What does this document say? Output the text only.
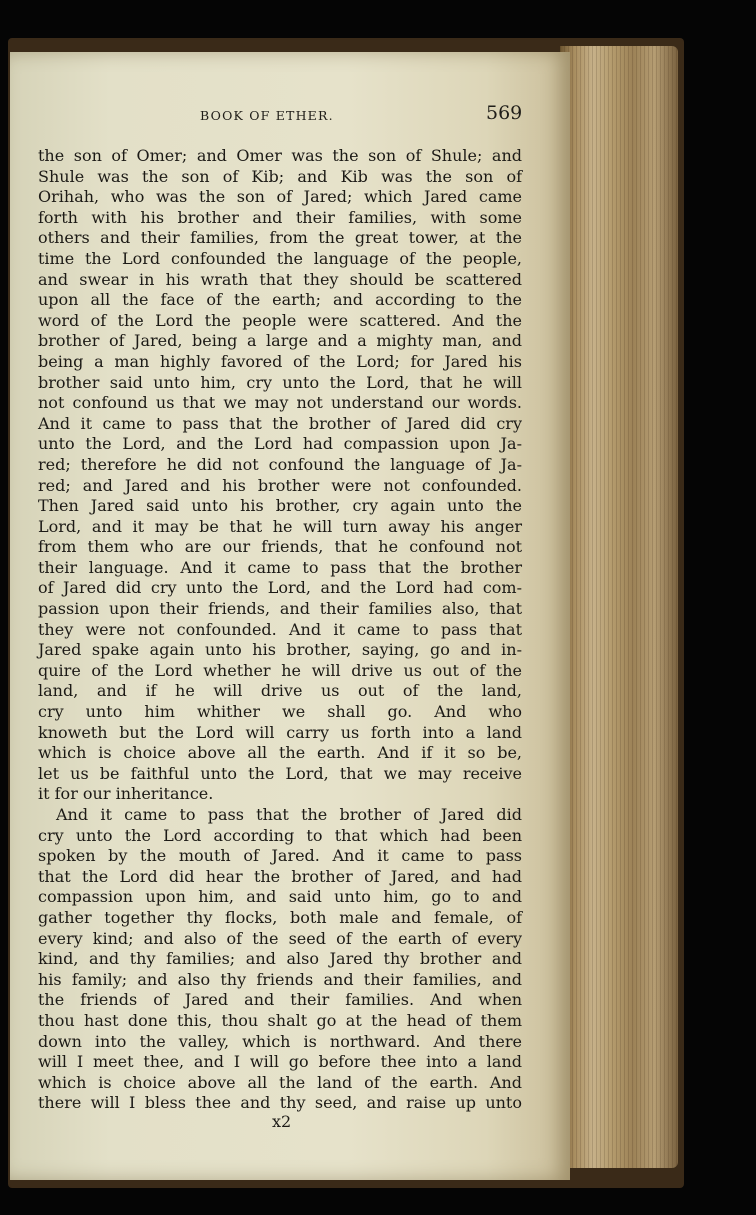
BOOK OF ETHER.	569
the son of Omer; and Omer was the son of Shule; and
Shule was the son of Kib; and Kib was the son of
Orihah, who was the son of Jared; which Jared came
forth with his brother and their families, with some
others and their families, from the great tower, at the
time the Lord confounded the language of the people,
and swear in his wrath that they should be scattered
upon all the face of the earth; and according to the
word of the Lord the people were scattered. And the
brother of Jared, being a large and a mighty man, and
being a man highly favored of the Lord; for Jared his
brother said unto him, cry unto the Lord, that he will
not confound us that we may not understand our words.
And it came to pass that the brother of Jared did cry
unto the Lord, and the Lord had compassion upon Ja-
red; therefore he did not confound the language of Ja-
red; and Jared and his brother were not confounded.
Then Jared said unto his brother, cry again unto the
Lord, and it may be that he will turn away his anger
from them who are our friends, that he confound not
their language. And it came to pass that the brother
of Jared did cry unto the Lord, and the Lord had com-
passion upon their friends, and their families also, that
they were not confounded. And it came to pass that
Jared spake again unto his brother, saying, go and in-
quire of the Lord whether he will drive us out of the
land, and if he will drive us out of the land,
cry unto him whither we shall go. And who
knoweth but the Lord will carry us forth into a land
which is choice above all the earth. And if it so be,
let us be faithful unto the Lord, that we may receive
it for our inheritance.
And it came to pass that the brother of Jared did
cry unto the Lord according to that which had been
spoken by the mouth of Jared. And it came to pass
that the Lord did hear the brother of Jared, and had
compassion upon him, and said unto him, go to and
gather together thy flocks, both male and female, of
every kind; and also of the seed of the earth of every
kind, and thy families; and also Jared thy brother and
his family; and also thy friends and their families, and
the friends of Jared and their families. And when
thou hast done this, thou shalt go at the head of them
down into the valley, which is northward. And there
will I meet thee, and I will go before thee into a land
which is choice above all the land of the earth. And
there will I bless thee and thy seed, and raise up unto
x2
